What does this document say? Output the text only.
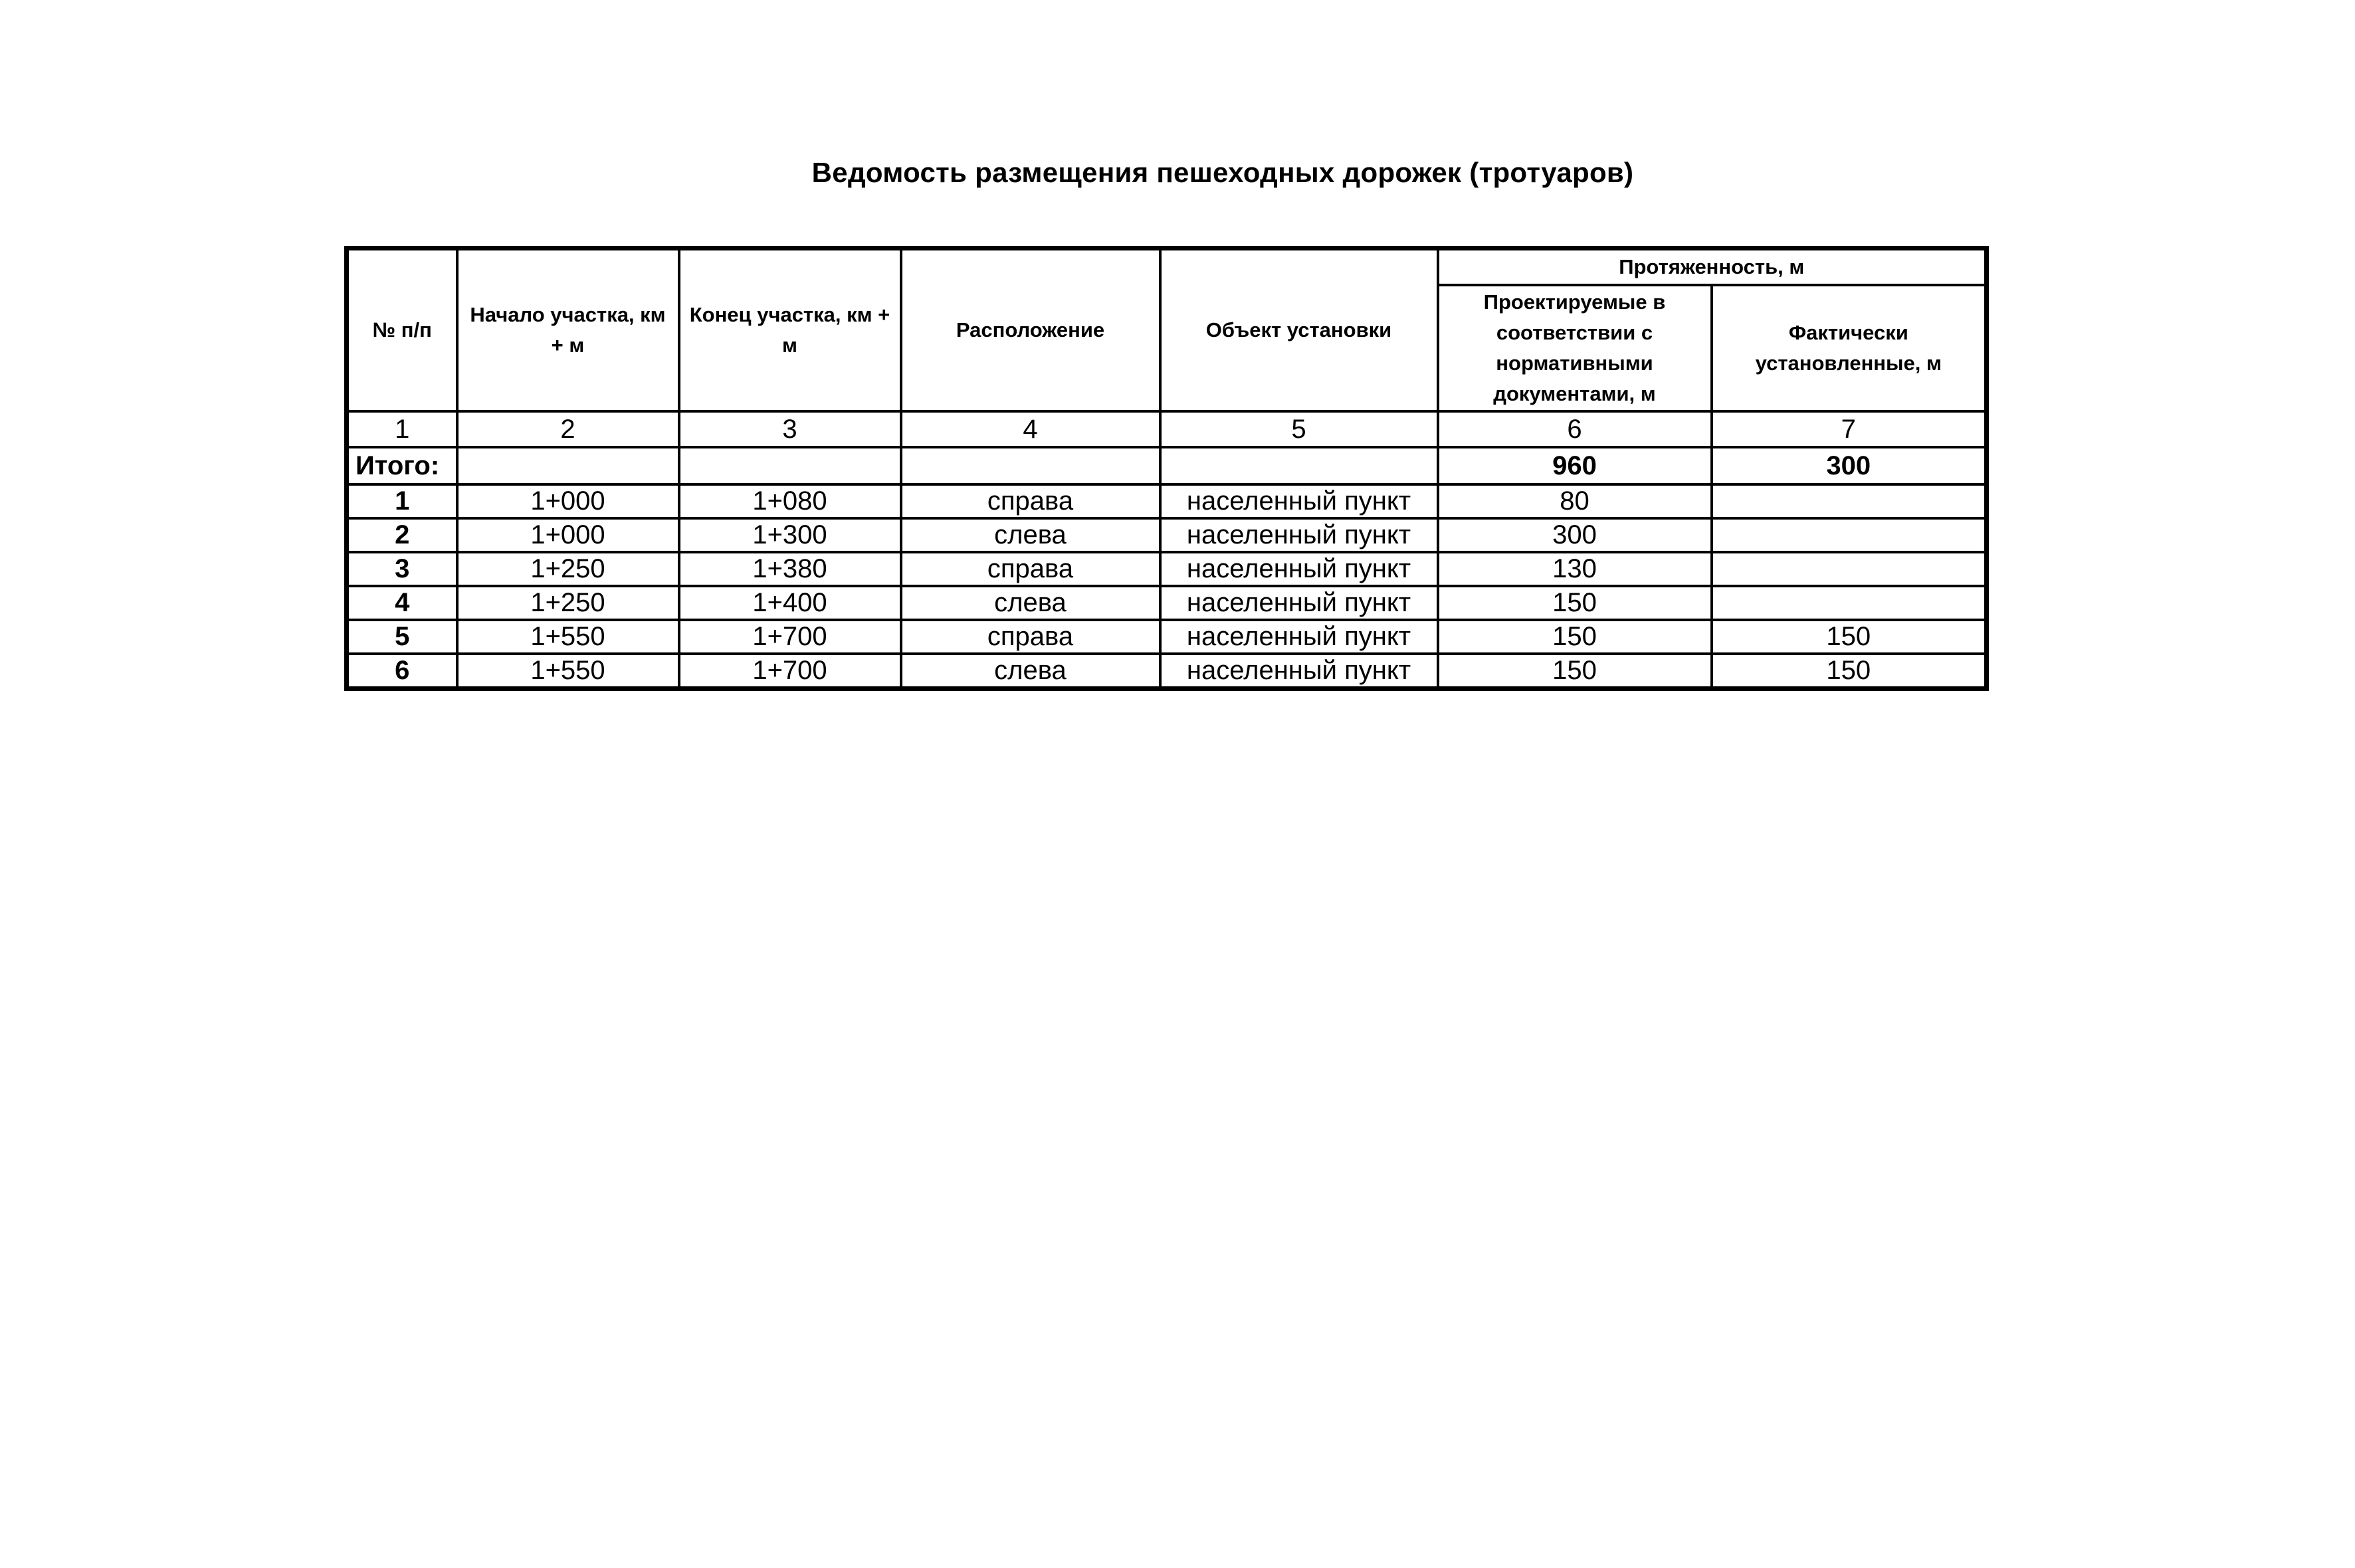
Ведомость размещения пешеходных дорожек (тротуаров)
№ п/п	Начало участка, км + м	Конец участка, км + м	Расположение	Объект установки	Протяженность, м	
					Проектируемые в соответствии с нормативными документами, м	Фактически установленные, м
1	2	3	4	5	6	7
Итого:					960	300
1	1+000	1+080	справа	населенный пункт	80	
2	1+000	1+300	слева	населенный пункт	300	
3	1+250	1+380	справа	населенный пункт	130	
4	1+250	1+400	слева	населенный пункт	150	
5	1+550	1+700	справа	населенный пункт	150	150
6	1+550	1+700	слева	населенный пункт	150	150
